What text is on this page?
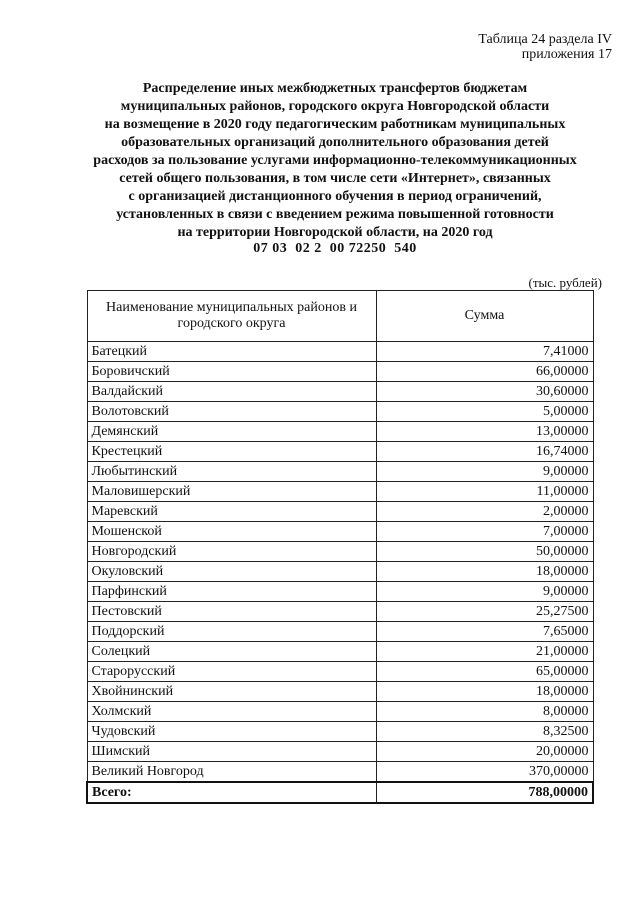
Таблица 24 раздела IV
приложения 17
Распределение иных межбюджетных трансфертов бюджетам
муниципальных районов, городского округа Новгородской области
на возмещение в 2020 году педагогическим работникам муниципальных
образовательных организаций дополнительного образования детей
расходов за пользование услугами информационно-телекоммуникационных
сетей общего пользования, в том числе сети «Интернет», связанных
с организацией дистанционного обучения в период ограничений,
установленных в связи с введением режима повышенной готовности
на территории Новгородской области, на 2020 год
07 03  02 2  00 72250  540
(тыс. рублей)
Наименование муниципальных районов и городского округа	Сумма
Батецкий	7,41000
Боровичский	66,00000
Валдайский	30,60000
Волотовский	5,00000
Демянский	13,00000
Крестецкий	16,74000
Любытинский	9,00000
Маловишерский	11,00000
Маревский	2,00000
Мошенской	7,00000
Новгородский	50,00000
Окуловский	18,00000
Парфинский	9,00000
Пестовский	25,27500
Поддорский	7,65000
Солецкий	21,00000
Старорусский	65,00000
Хвойнинский	18,00000
Холмский	8,00000
Чудовский	8,32500
Шимский	20,00000
Великий Новгород	370,00000
Всего:	788,00000
